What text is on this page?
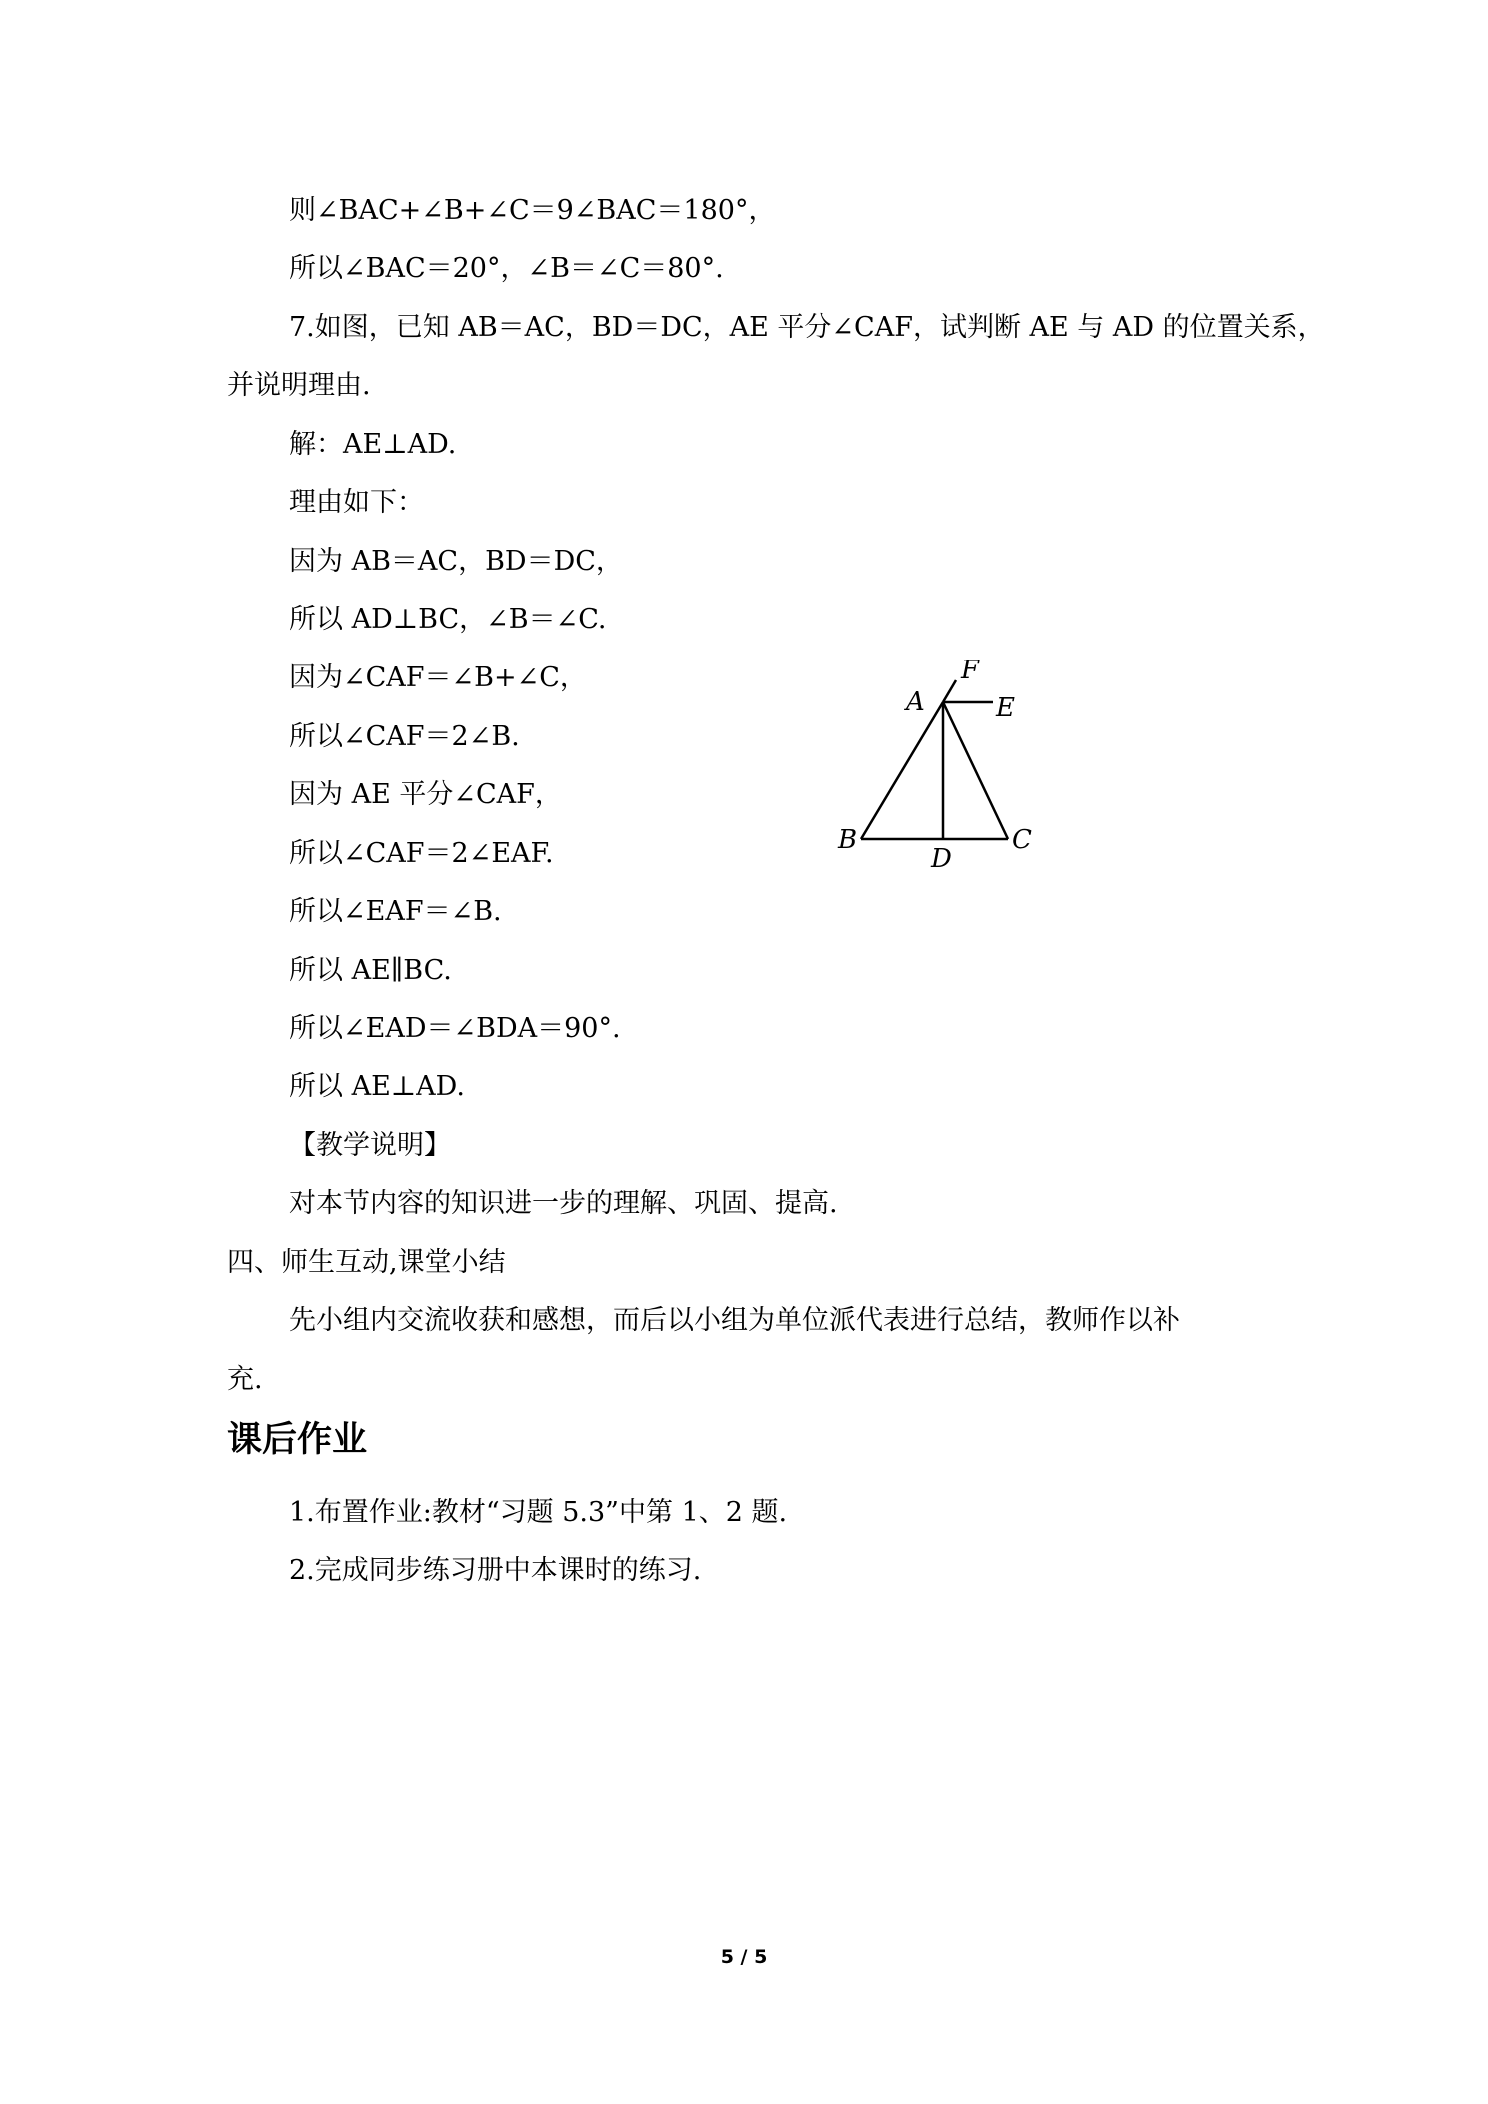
则∠BAC+∠B+∠C＝9∠BAC＝180°，
所以∠BAC＝20°，∠B＝∠C＝80°.
7.如图，已知 AB＝AC，BD＝DC，AE 平分∠CAF，试判断 AE 与 AD 的位置关系，
并说明理由.
解：AE⊥AD.
理由如下：
因为 AB＝AC，BD＝DC，
所以 AD⊥BC，∠B＝∠C.
因为∠CAF＝∠B+∠C，
所以∠CAF＝2∠B.
因为 AE 平分∠CAF，
所以∠CAF＝2∠EAF.
所以∠EAF＝∠B.
所以 AE∥BC.
所以∠EAD＝∠BDA＝90°.
所以 AE⊥AD.
【教学说明】
对本节内容的知识进一步的理解、巩固、提高.
四、师生互动,课堂小结
先小组内交流收获和感想，而后以小组为单位派代表进行总结，教师作以补
充.
课后作业
1.布置作业:教材“习题 5.3”中第 1、2 题.
2.完成同步练习册中本课时的练习.
A
F
E
B
D
C
5 / 5
